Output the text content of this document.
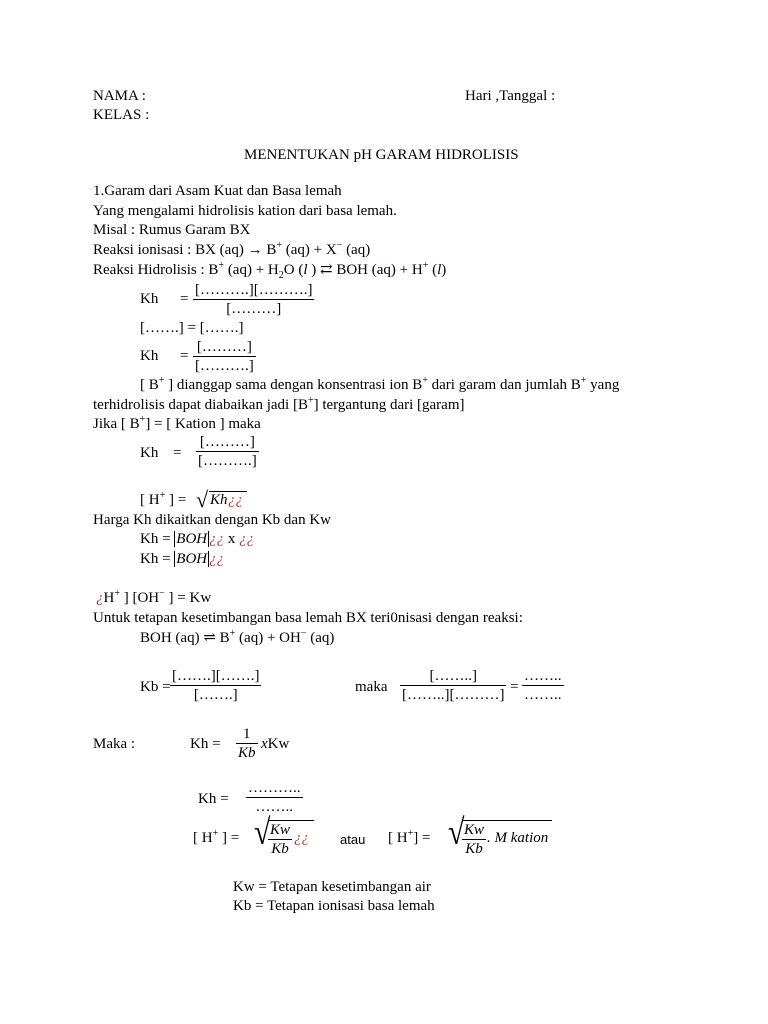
NAMA :	Hari ,Tanggal :
KELAS :
MENENTUKAN pH GARAM HIDROLISIS
1.Garam dari Asam Kuat dan Basa lemah
Yang mengalami hidrolisis kation dari basa lemah.
Misal : Rumus Garam BX
Reaksi ionisasi : BX (aq) → B+ (aq) + X− (aq)
Reaksi Hidrolisis : B+ $(aq) + H_2O$ (l ) ⇄ BOH (aq) + H+ (l)
Kh =
[……….][……….]
[………]
[…….] = […….]
Kh =
[………]
[……….]
[ B+ ] dianggap sama dengan konsentrasi ion B+ dari garam dan jumlah B+ yang
terhidrolisis dapat diabaikan jadi [B+] tergantung dari [garam]
Jika [ B+] = [ Kation ] maka
Kh =
[………]
[……….]
[ H+ ] = √ Kh ¿¿
Harga Kh dikaitkan dengan Kb dan Kw
Kh = BOH ¿¿ x ¿¿
Kh = BOH ¿¿
¿H+ ] [OH− ] = Kw
Untuk tetapan kesetimbangan basa lemah BX teri0nisasi dengan reaksi:
BOH (aq) ⇌ B+ (aq) + OH− (aq)
Kb =
[…….][…….]
[…….]	maka
[……..]
[……..][………] =
……..
……..
Maka :	Kh =
1
Kb
xKw
Kh =
………..
……..
[ H+ ] = √ Kw
Kb
¿¿ atau [ H+] = √ Kw
Kb
. M kation
Kw = Tetapan kesetimbangan air
Kb = Tetapan ionisasi basa lemah
